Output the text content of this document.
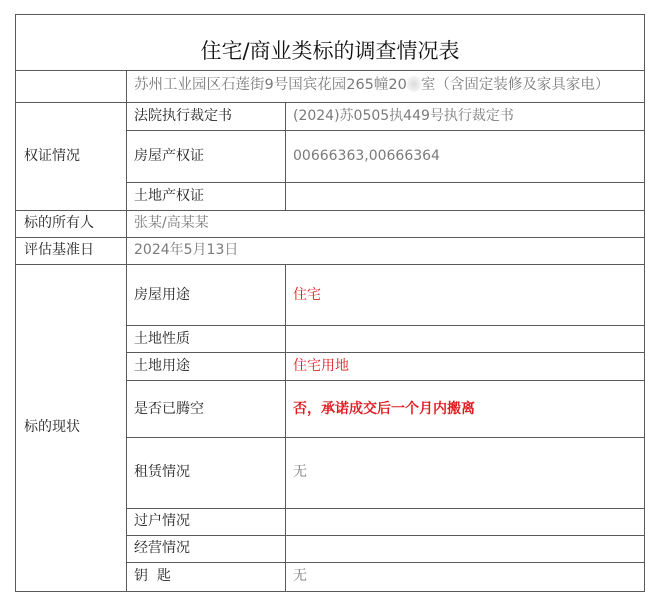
住宅/商业类标的调查情况表
苏州工业园区石莲街9号国宾花园265幢20 室（含固定装修及家具家电）
权证情况
法院执行裁定书	(2024)苏0505执449号执行裁定书
房屋产权证	00666363,00666364
土地产权证
标的所有人	张某/高某某
评估基准日	2024年5月13日
标的现状
房屋用途	住宅
土地性质
土地用途	住宅用地
是否已腾空	否，承诺成交后一个月内搬离
租赁情况	无
过户情况
经营情况
钥  匙	无
